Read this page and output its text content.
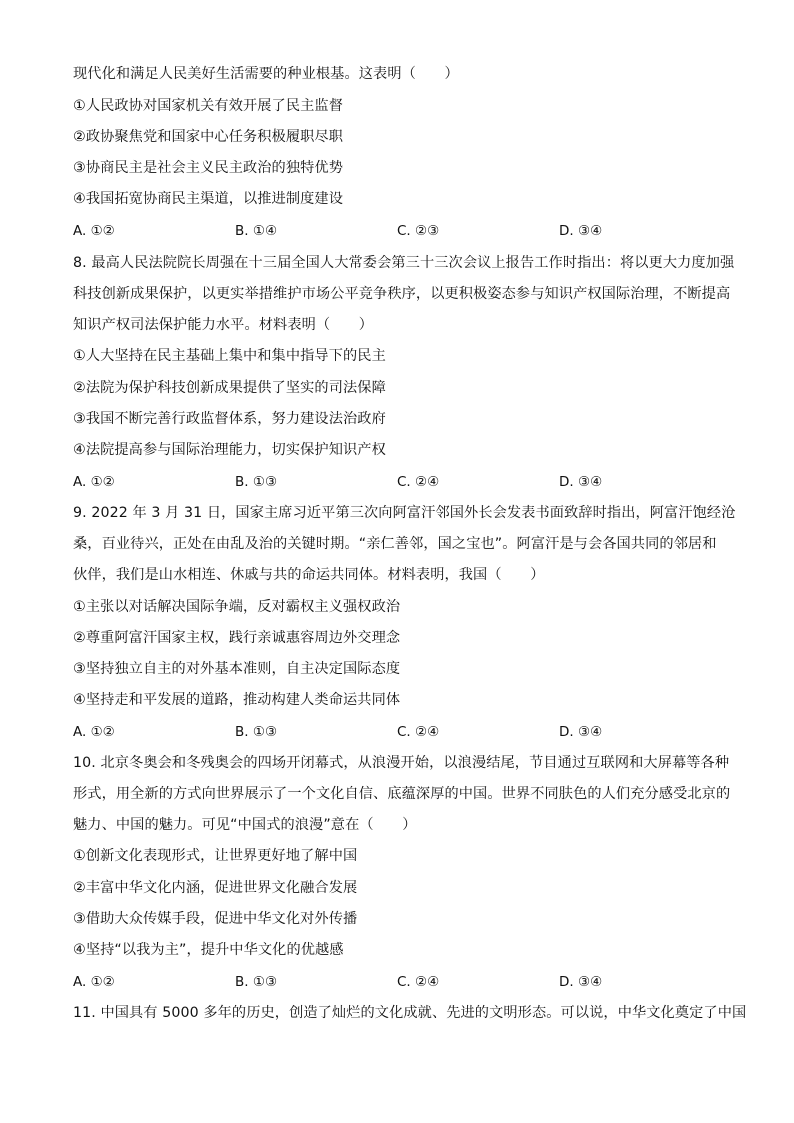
现代化和满足人民美好生活需要的种业根基。这表明（　　）
①人民政协对国家机关有效开展了民主监督
②政协聚焦党和国家中心任务积极履职尽职
③协商民主是社会主义民主政治的独特优势
④我国拓宽协商民主渠道，以推进制度建设
A. ①②	B. ①④	C. ②③	D. ③④
8. 最高人民法院院长周强在十三届全国人大常委会第三十三次会议上报告工作时指出：将以更大力度加强
科技创新成果保护，以更实举措维护市场公平竞争秩序，以更积极姿态参与知识产权国际治理，不断提高
知识产权司法保护能力水平。材料表明（　　）
①人大坚持在民主基础上集中和集中指导下的民主
②法院为保护科技创新成果提供了坚实的司法保障
③我国不断完善行政监督体系，努力建设法治政府
④法院提高参与国际治理能力，切实保护知识产权
A. ①②	B. ①③	C. ②④	D. ③④
9. 2022 年 3 月 31 日，国家主席习近平第三次向阿富汗邻国外长会发表书面致辞时指出，阿富汗饱经沧
桑，百业待兴，正处在由乱及治的关键时期。“亲仁善邻，国之宝也”。阿富汗是与会各国共同的邻居和
伙伴，我们是山水相连、休戚与共的命运共同体。材料表明，我国（　　）
①主张以对话解决国际争端，反对霸权主义强权政治
②尊重阿富汗国家主权，践行亲诚惠容周边外交理念
③坚持独立自主的对外基本准则，自主决定国际态度
④坚持走和平发展的道路，推动构建人类命运共同体
A. ①②	B. ①③	C. ②④	D. ③④
10. 北京冬奥会和冬残奥会的四场开闭幕式，从浪漫开始，以浪漫结尾，节目通过互联网和大屏幕等各种
形式，用全新的方式向世界展示了一个文化自信、底蕴深厚的中国。世界不同肤色的人们充分感受北京的
魅力、中国的魅力。可见“中国式的浪漫”意在（　　）
①创新文化表现形式，让世界更好地了解中国
②丰富中华文化内涵，促进世界文化融合发展
③借助大众传媒手段，促进中华文化对外传播
④坚持“以我为主”，提升中华文化的优越感
A. ①②	B. ①③	C. ②④	D. ③④
11. 中国具有 5000 多年的历史，创造了灿烂的文化成就、先进的文明形态。可以说，中华文化奠定了中国
